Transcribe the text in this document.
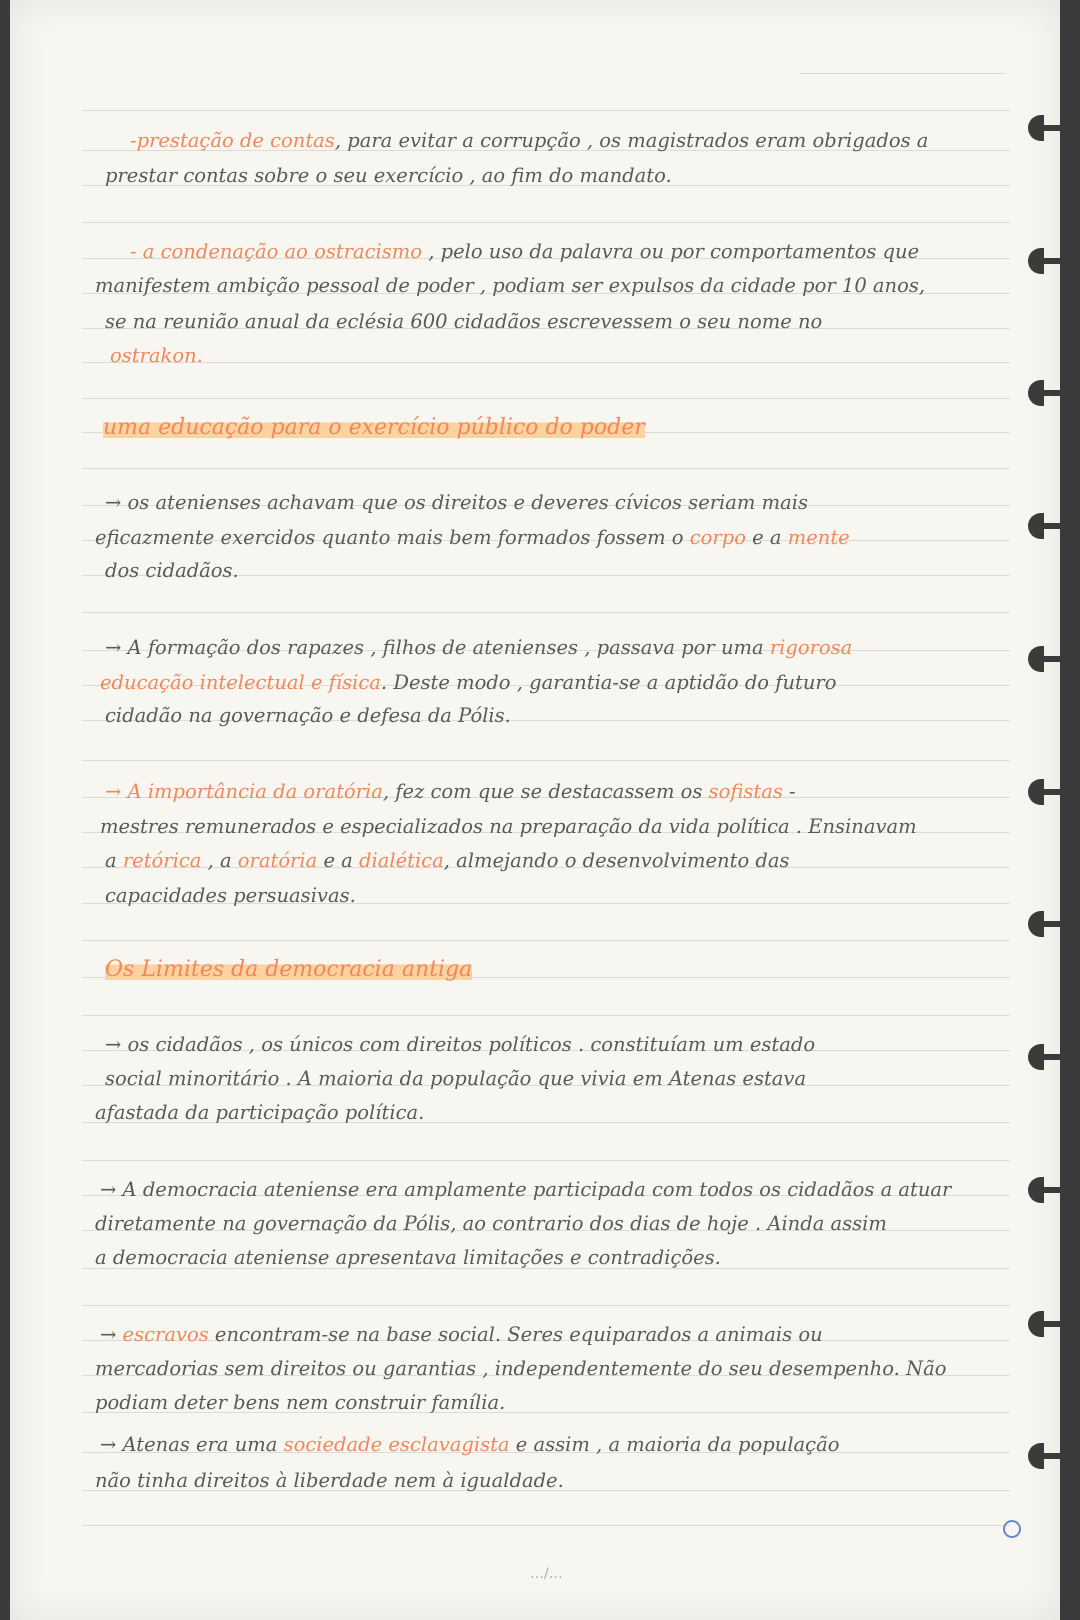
-prestação de contas, para evitar a corrupção , os magistrados eram obrigados a
prestar contas sobre o seu exercício , ao fim do mandato.
- a condenação ao ostracismo , pelo uso da palavra ou por comportamentos que
manifestem ambição pessoal de poder , podiam ser expulsos da cidade por 10 anos,
se na reunião anual da eclésia 600 cidadãos escrevessem o seu nome no
ostrakon.
uma educação para o exercício público do poder
→ os atenienses achavam que os direitos e deveres cívicos seriam mais
eficazmente exercidos quanto mais bem formados fossem o corpo e a mente
dos cidadãos.
→ A formação dos rapazes , filhos de atenienses , passava por uma rigorosa
educação intelectual e física. Deste modo , garantia-se a aptidão do futuro
cidadão na governação e defesa da Pólis.
→ A importância da oratória, fez com que se destacassem os sofistas -
mestres remunerados e especializados na preparação da vida política . Ensinavam
a retórica , a oratória e a dialética, almejando o desenvolvimento das
capacidades persuasivas.
Os Limites da democracia antiga
→ os cidadãos , os únicos com direitos políticos . constituíam um estado
social minoritário . A maioria da população que vivia em Atenas estava
afastada da participação política.
→ A democracia ateniense era amplamente participada com todos os cidadãos a atuar
diretamente na governação da Pólis, ao contrario dos dias de hoje . Ainda assim
a democracia ateniense apresentava limitações e contradições.
→ escravos encontram-se na base social. Seres equiparados a animais ou
mercadorias sem direitos ou garantias , independentemente do seu desempenho. Não
podiam deter bens nem construir família.
→ Atenas era uma sociedade esclavagista e assim , a maioria da população
não tinha direitos à liberdade nem à igualdade.
…/…
